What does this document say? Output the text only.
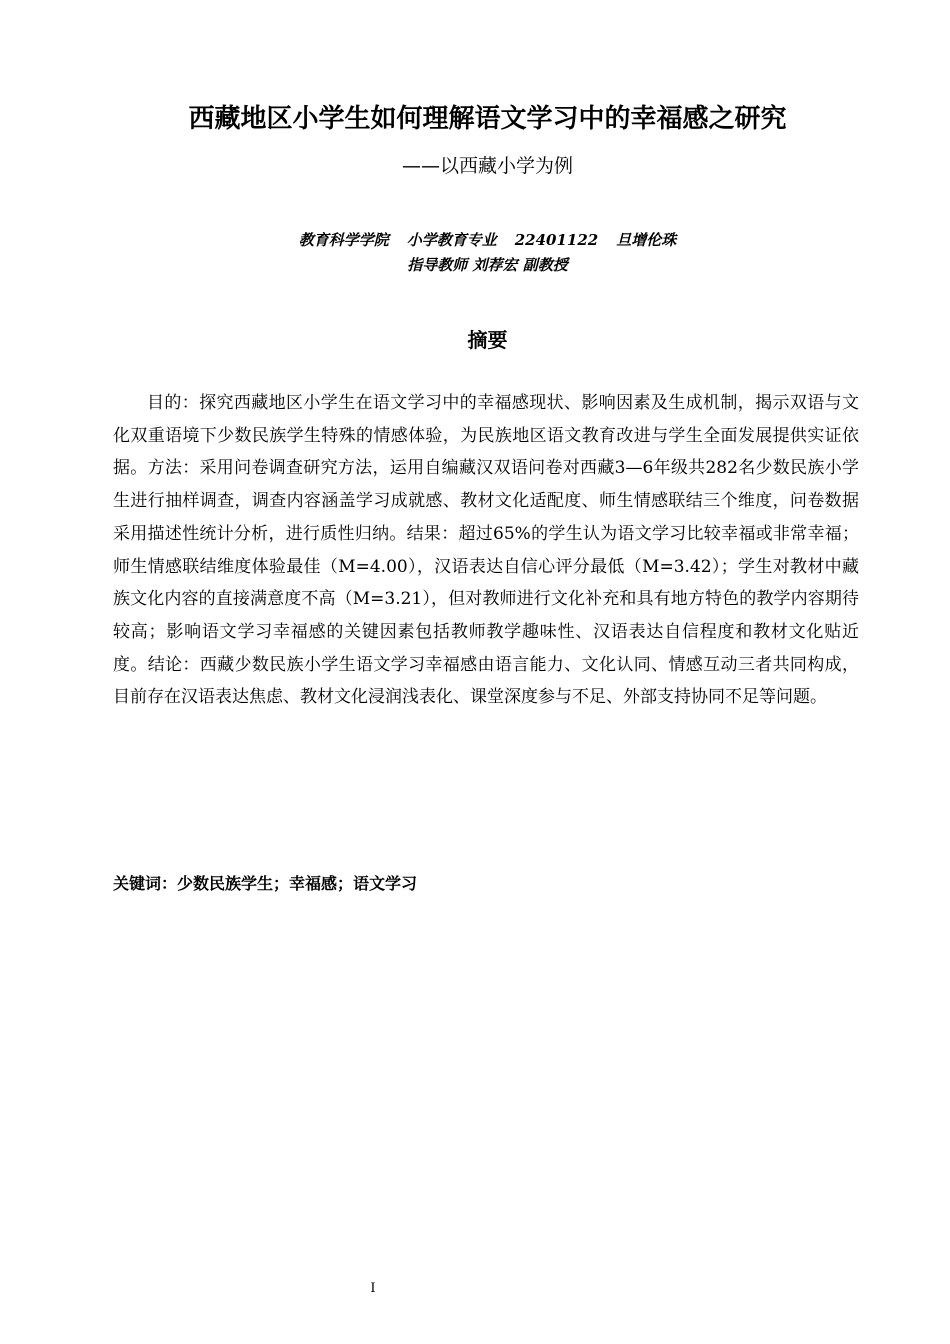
西藏地区小学生如何理解语文学习中的幸福感之研究
——以西藏小学为例
教育科学学院 小学教育专业 22401122 旦增伦珠
指导教师 刘荐宏 副教授
摘要

目的：探究西藏地区小学生在语文学习中的幸福感现状、影响因素及生成机制，揭示双语与文化双重语境下少数民族学生特殊的情感体验，为民族地区语文教育改进与学生全面发展提供实证依据。方法：采用问卷调查研究方法，运用自编藏汉双语问卷对西藏3—6年级共282名少数民族小学生进行抽样调查，调查内容涵盖学习成就感、教材文化适配度、师生情感联结三个维度，问卷数据采用描述性统计分析，进行质性归纳。结果：超过65%的学生认为语文学习比较幸福或非常幸福；师生情感联结维度体验最佳（M=4.00），汉语表达自信心评分最低（M=3.42）；学生对教材中藏族文化内容的直接满意度不高（M=3.21），但对教师进行文化补充和具有地方特色的教学内容期待较高；影响语文学习幸福感的关键因素包括教师教学趣味性、汉语表达自信程度和教材文化贴近度。结论：西藏少数民族小学生语文学习幸福感由语言能力、文化认同、情感互动三者共同构成，目前存在汉语表达焦虑、教材文化浸润浅表化、课堂深度参与不足、外部支持协同不足等问题。

关键词：少数民族学生；幸福感；语文学习
I
